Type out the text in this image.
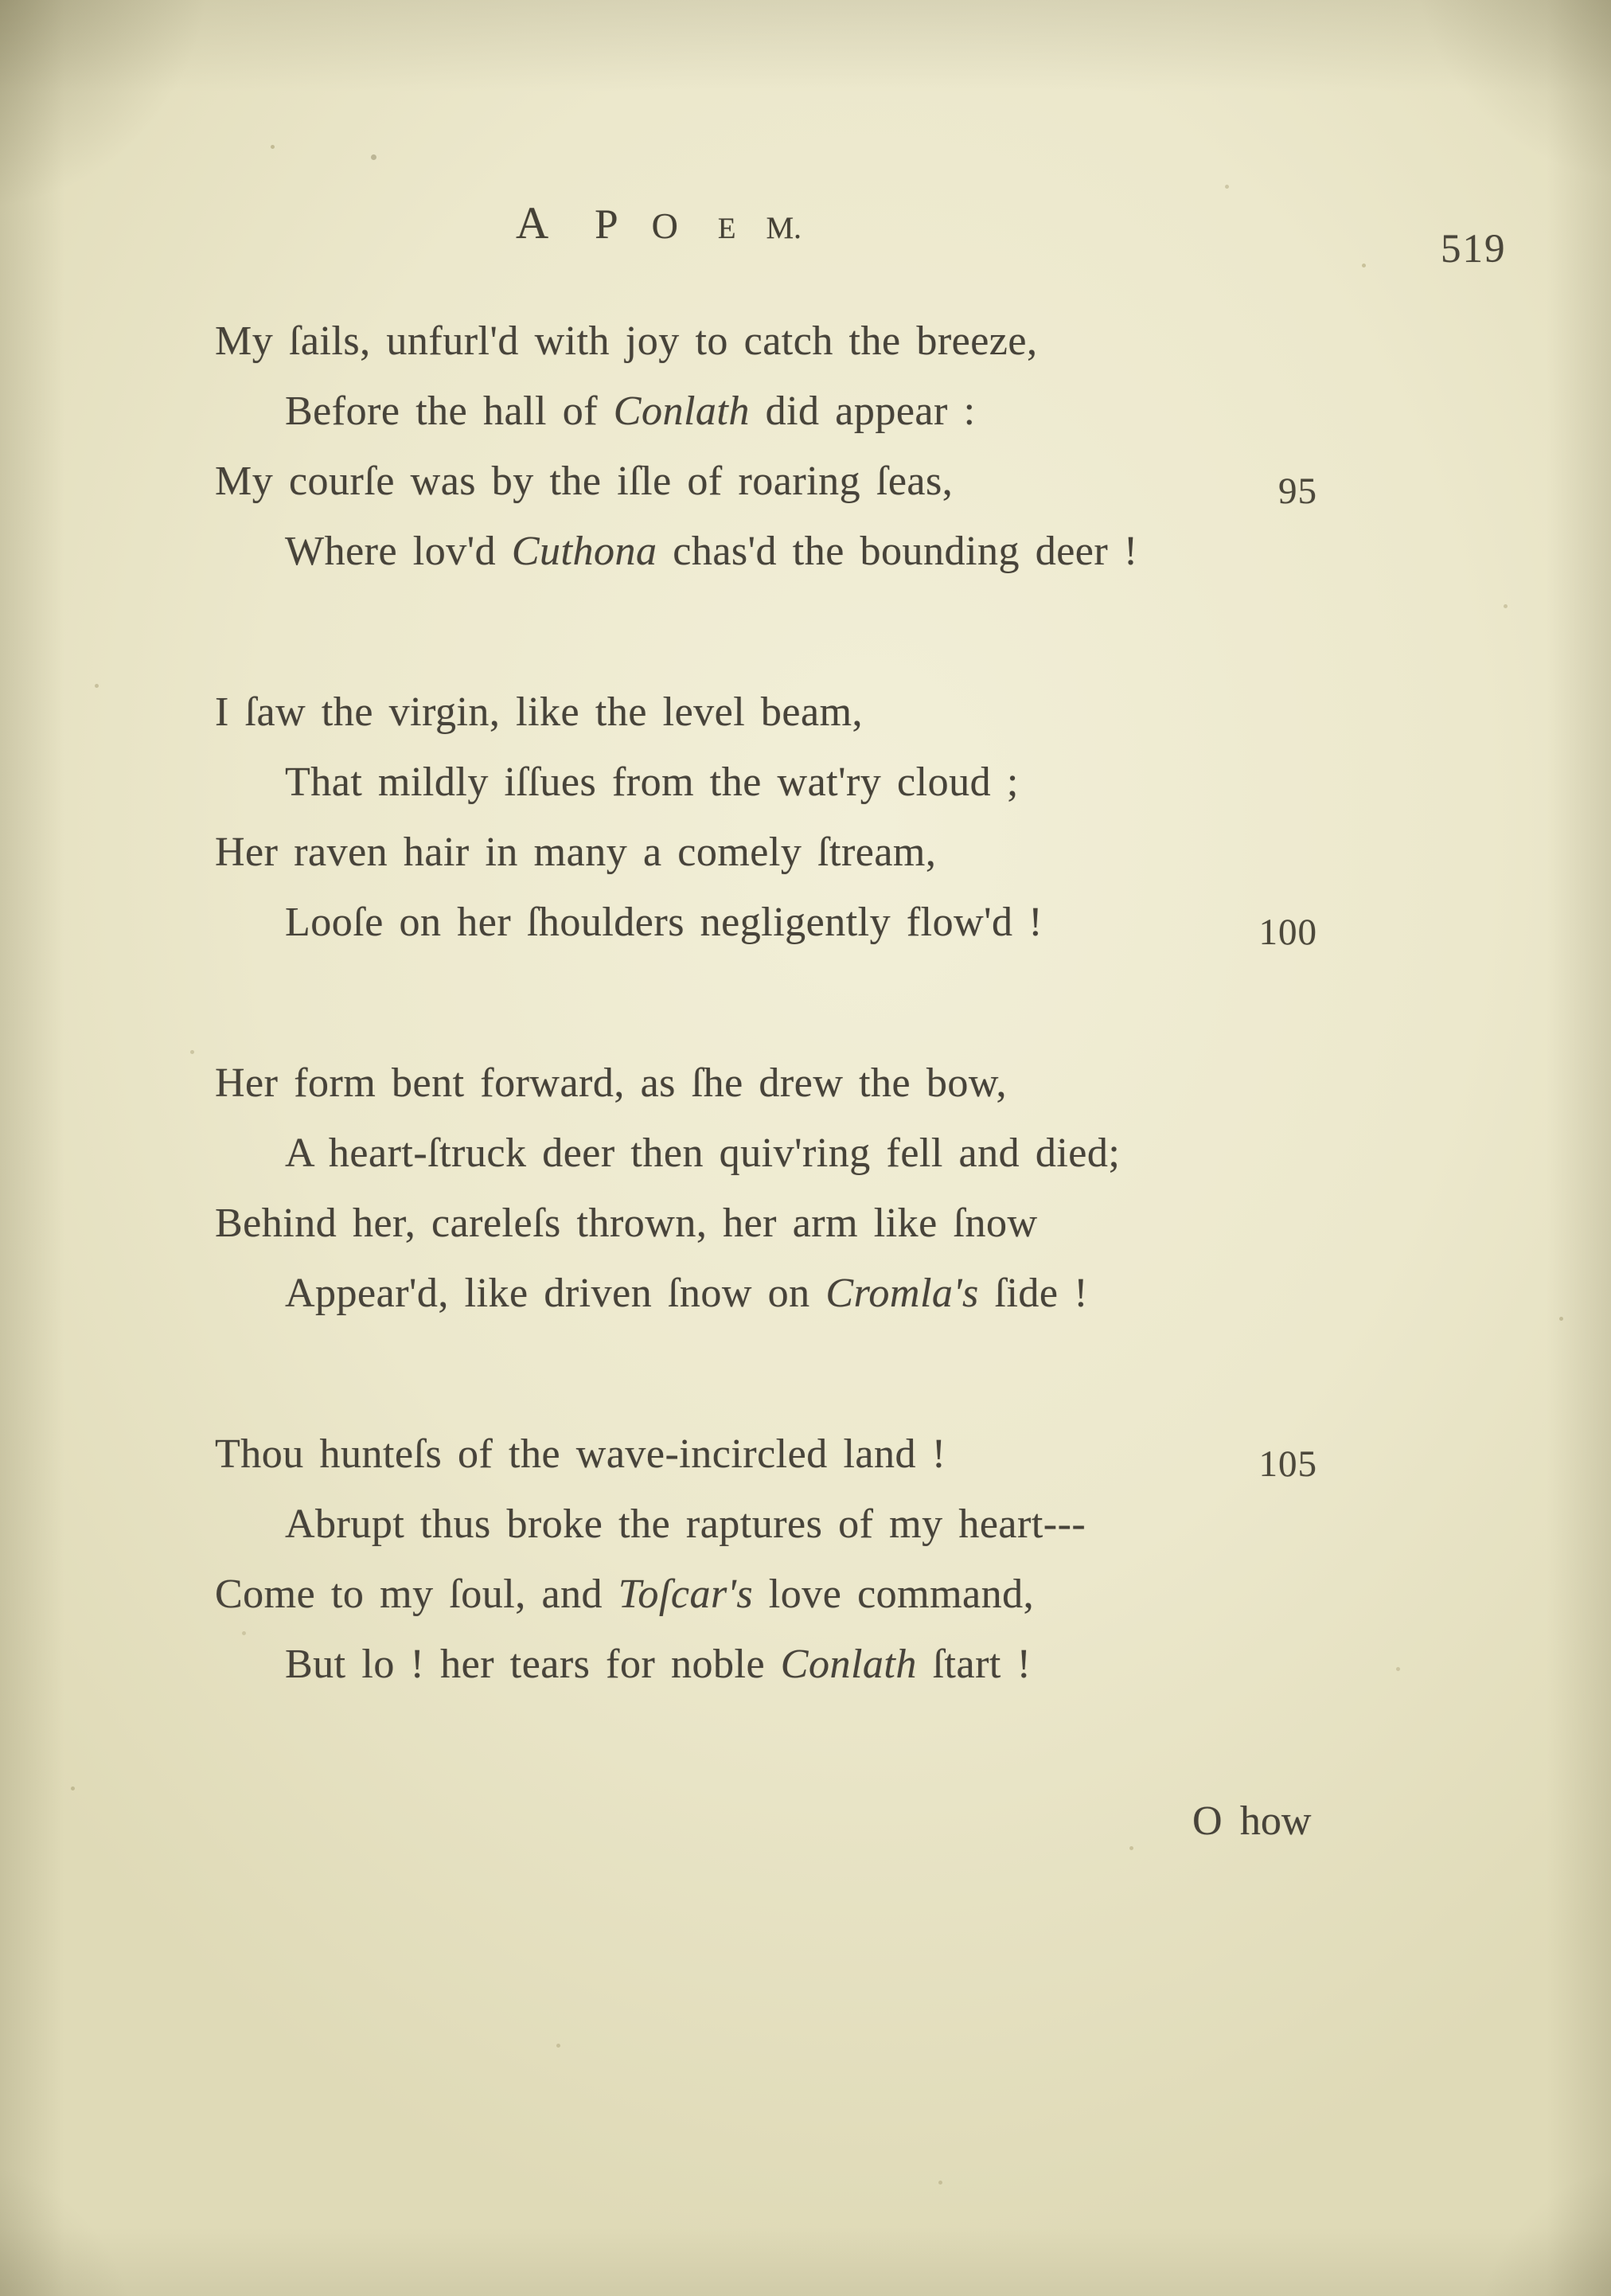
A P O E M.	519
My ſails, unfurl'd with joy to catch the breeze,
Before the hall of Conlath did appear :
My courſe was by the iſle of roaring ſeas,	95
Where lov'd Cuthona chas'd the bounding deer !
I ſaw the virgin, like the level beam,
That mildly iſſues from the wat'ry cloud ;
Her raven hair in many a comely ſtream,
Looſe on her ſhoulders negligently flow'd !	100
Her form bent forward, as ſhe drew the bow,
A heart-ſtruck deer then quiv'ring fell and died;
Behind her, careleſs thrown, her arm like ſnow
Appear'd, like driven ſnow on Cromla's ſide !
Thou hunteſs of the wave-incircled land !	105
Abrupt thus broke the raptures of my heart---
Come to my ſoul, and Toſcar's love command,
But lo ! her tears for noble Conlath ſtart !
O how
